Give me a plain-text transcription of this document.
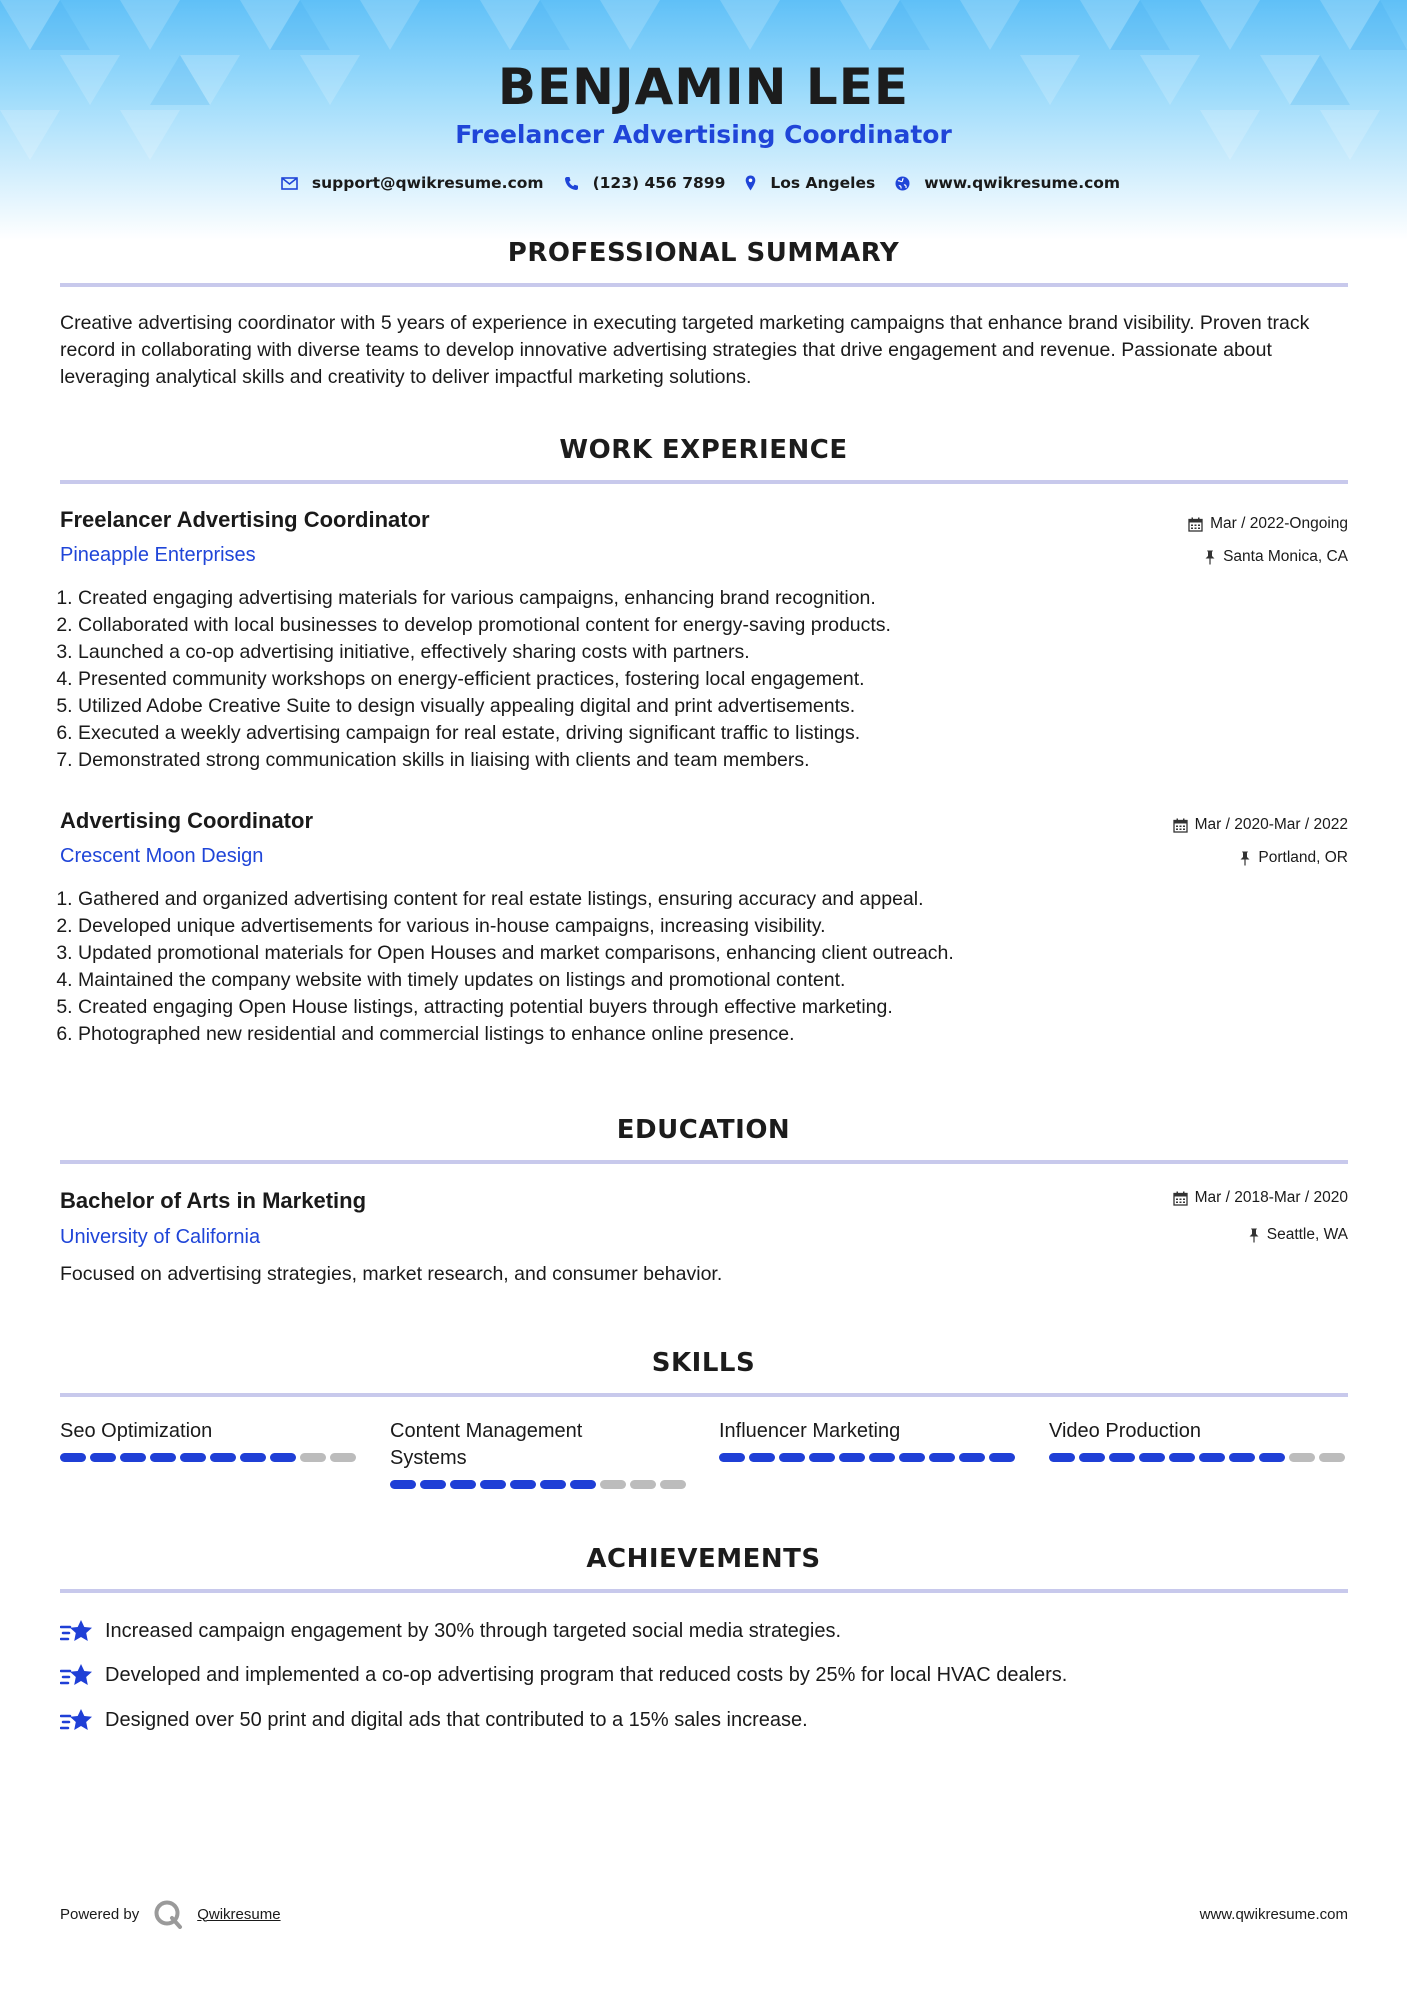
BENJAMIN LEE
Freelancer Advertising Coordinator
support@qwikresume.com	(123) 456 7899	Los Angeles	www.qwikresume.com
PROFESSIONAL SUMMARY
Creative advertising coordinator with 5 years of experience in executing targeted marketing campaigns that enhance brand visibility. Proven track record in collaborating with diverse teams to develop innovative advertising strategies that drive engagement and revenue. Passionate about leveraging analytical skills and creativity to deliver impactful marketing solutions.
WORK EXPERIENCE
Freelancer Advertising Coordinator
Pineapple Enterprises
Mar / 2022-Ongoing
Santa Monica, CA
1. Created engaging advertising materials for various campaigns, enhancing brand recognition.
2. Collaborated with local businesses to develop promotional content for energy-saving products.
3. Launched a co-op advertising initiative, effectively sharing costs with partners.
4. Presented community workshops on energy-efficient practices, fostering local engagement.
5. Utilized Adobe Creative Suite to design visually appealing digital and print advertisements.
6. Executed a weekly advertising campaign for real estate, driving significant traffic to listings.
7. Demonstrated strong communication skills in liaising with clients and team members.
Advertising Coordinator
Crescent Moon Design
Mar / 2020-Mar / 2022
Portland, OR
1. Gathered and organized advertising content for real estate listings, ensuring accuracy and appeal.
2. Developed unique advertisements for various in-house campaigns, increasing visibility.
3. Updated promotional materials for Open Houses and market comparisons, enhancing client outreach.
4. Maintained the company website with timely updates on listings and promotional content.
5. Created engaging Open House listings, attracting potential buyers through effective marketing.
6. Photographed new residential and commercial listings to enhance online presence.
EDUCATION
Bachelor of Arts in Marketing
University of California
Mar / 2018-Mar / 2020
Seattle, WA
Focused on advertising strategies, market research, and consumer behavior.
SKILLS
Seo Optimization	Content Management Systems
Influencer Marketing	Video Production
ACHIEVEMENTS
Increased campaign engagement by 30% through targeted social media strategies.
Developed and implemented a co-op advertising program that reduced costs by 25% for local HVAC dealers.
Designed over 50 print and digital ads that contributed to a 15% sales increase.
Powered by	Qwikresume	www.qwikresume.com
